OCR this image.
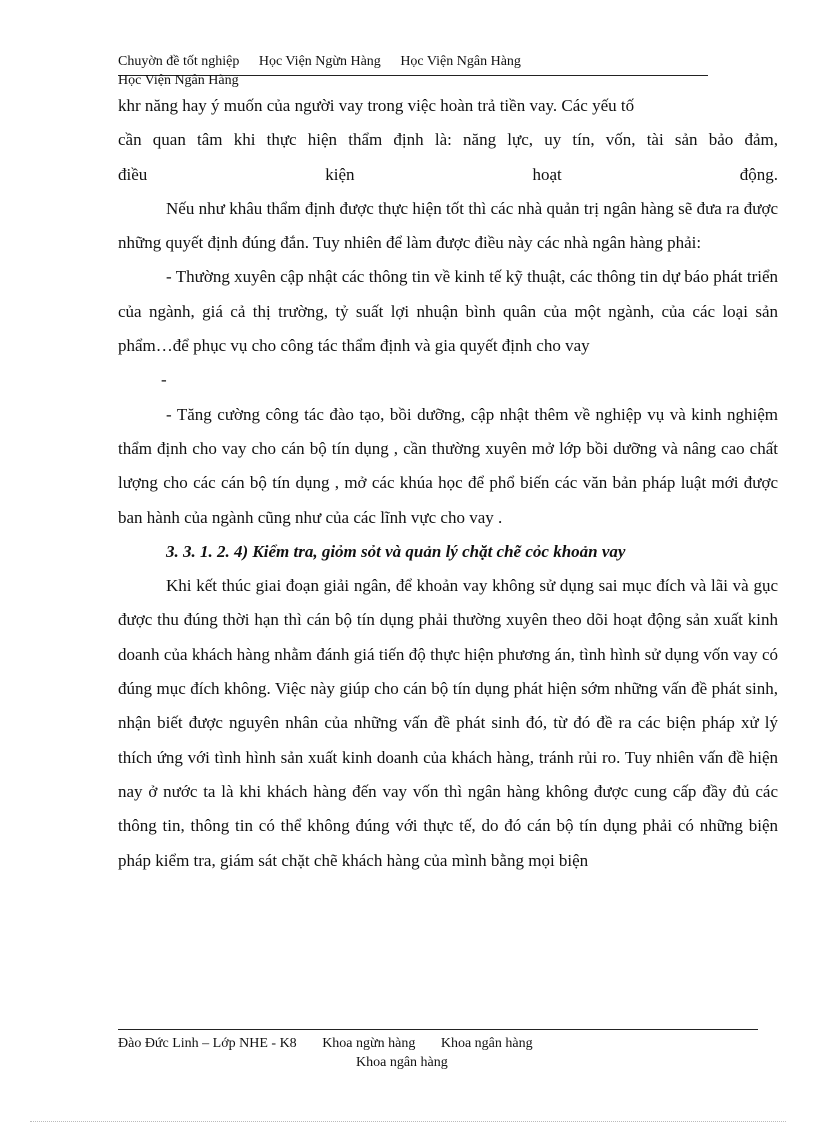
Chuyờn đề tốt nghiệp Học Viện Ngừn Hàng Học Viện Ngân Hàng
Học Viện Ngân Hàng

khr năng hay ý muốn của người vay trong việc hoàn trả tiền vay. Các yếu tố

cần quan tâm khi thực hiện thẩm định là: năng lực, uy tín, vốn, tài sản bảo đảm,

điều kiện hoạt động.

Nếu như khâu thẩm định được thực hiện tốt thì các nhà quản trị ngân hàng sẽ đưa ra được những quyết định đúng đắn. Tuy nhiên để làm được điều này các nhà ngân hàng phải:

- Thường xuyên cập nhật các thông tin về kinh tế kỹ thuật, các thông tin dự báo phát triển của ngành, giá cả thị trường, tỷ suất lợi nhuận bình quân của một ngành, của các loại sản phẩm…để phục vụ cho công tác thẩm định và gia quyết định cho vay

-

- Tăng cường công tác đào tạo, bồi dưỡng, cập nhật thêm về nghiệp vụ và kinh nghiệm thẩm định cho vay cho cán bộ tín dụng , cần thường xuyên mở lớp bồi dưỡng và nâng cao chất lượng cho các cán bộ tín dụng , mở các khúa học để phổ biến các văn bản pháp luật mới được ban hành của ngành cũng như của các lĩnh vực cho vay .

3. 3. 1. 2. 4) Kiểm tra, giỏm sỏt và quản lý chặt chẽ cỏc khoản vay

Khi kết thúc giai đoạn giải ngân, để khoản vay không sử dụng sai mục đích và lãi và gục được thu đúng thời hạn thì cán bộ tín dụng phải thường xuyên theo dõi hoạt động sản xuất kinh doanh của khách hàng nhằm đánh giá tiến độ thực hiện phương án, tình hình sử dụng vốn vay có đúng mục đích không. Việc này giúp cho cán bộ tín dụng phát hiện sớm những vấn đề phát sinh, nhận biết được nguyên nhân của những vấn đề phát sinh đó, từ đó đề ra các biện pháp xử lý thích ứng với tình hình sản xuất kinh doanh của khách hàng, tránh rủi ro. Tuy nhiên vấn đề hiện nay ở nước ta là khi khách hàng đến vay vốn thì ngân hàng không được cung cấp đầy đủ các thông tin, thông tin có thể không đúng với thực tế, do đó cán bộ tín dụng phải có những biện pháp kiểm tra, giám sát chặt chẽ khách hàng của mình bằng mọi biện

Đào Đức Linh – Lớp NHE - K8 Khoa ngừn hàng Khoa ngân hàng
Khoa ngân hàng
